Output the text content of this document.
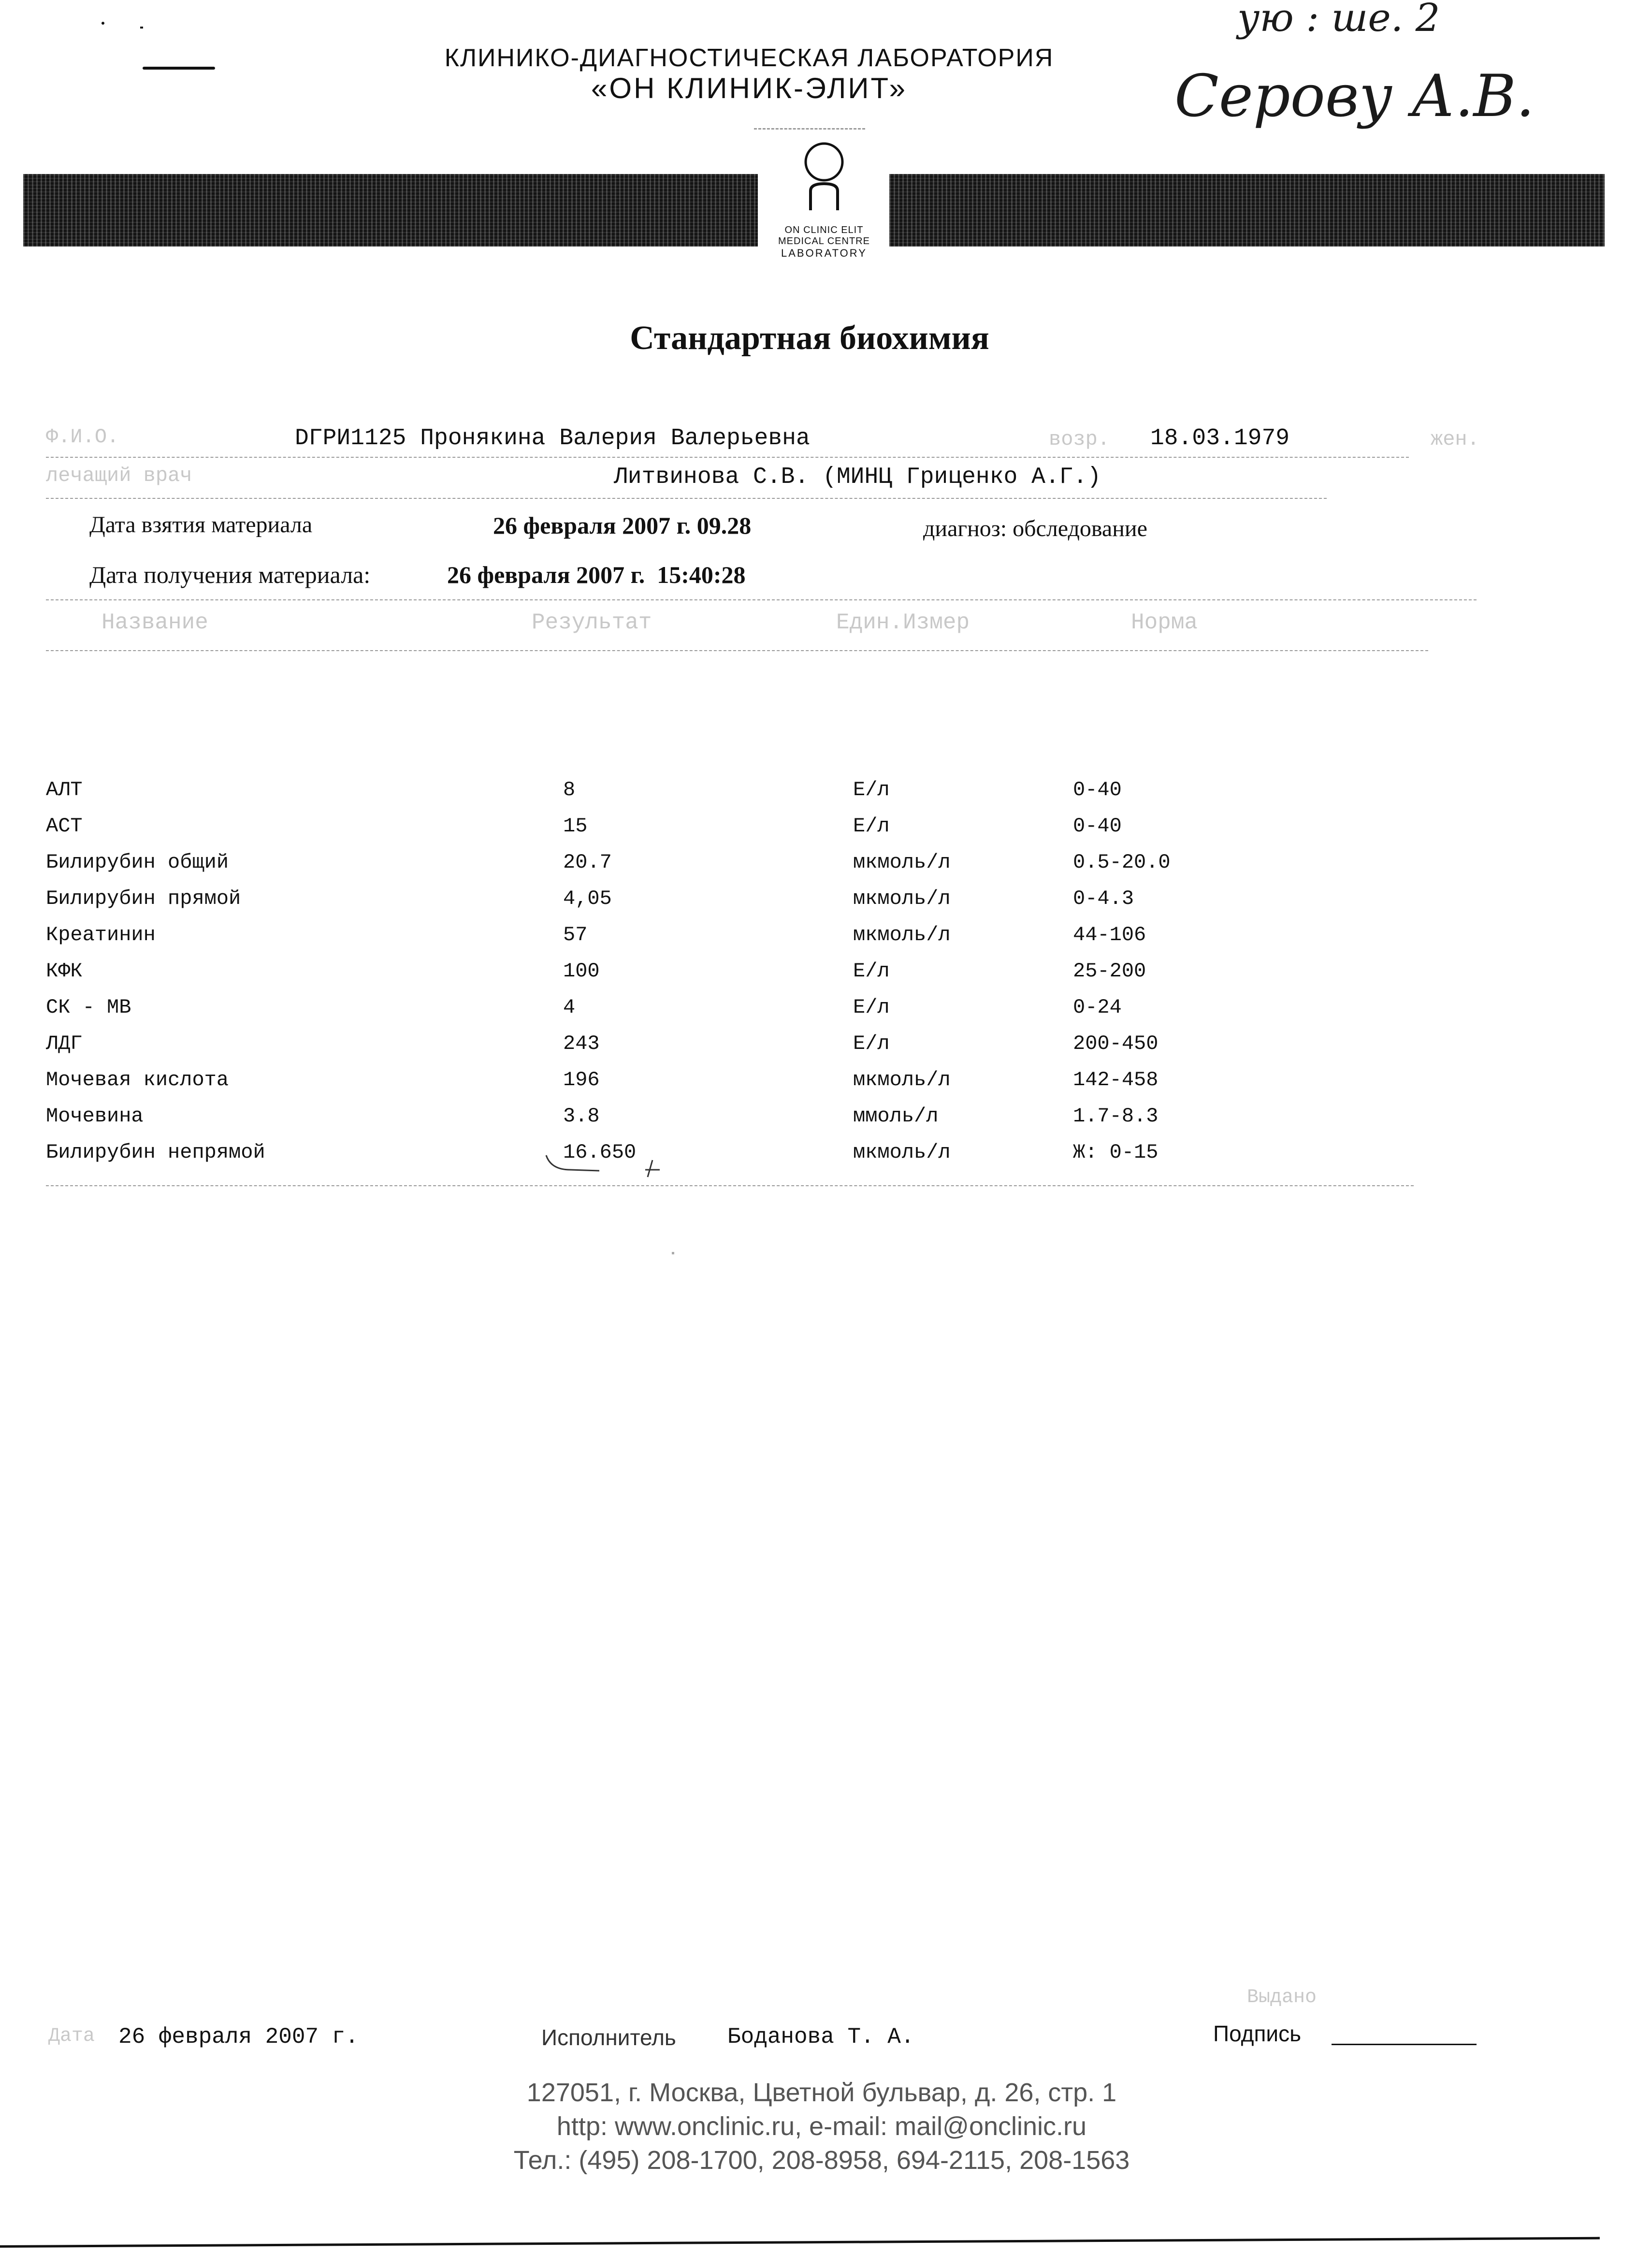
ую : ше. 2
Серову А.В.
КЛИНИКО-ДИАГНОСТИЧЕСКАЯ ЛАБОРАТОРИЯ
«ОН КЛИНИК-ЭЛИТ»
ON CLINIC ELIT
MEDICAL CENTRE
LABORATORY
Стандартная биохимия
Ф.И.О.	DГРИ1125 Пронякина Валерия Валерьевна	возр. 18.03.1979	жен.
лечащий врач	Литвинова С.В. (МИНЦ Гриценко А.Г.)
Дата взятия материала	26 февраля 2007 г. 09.28	диагноз: обследование
Дата получения материала:	26 февраля 2007 г.  15:40:28
Название	Результат	Един.Измер	Норма
АЛТ	8	Е/л	0-40
АСТ	15	Е/л	0-40
Билирубин общий	20.7	мкмоль/л	0.5-20.0
Билирубин прямой	4,05	мкмоль/л	0-4.3
Креатинин	57	мкмоль/л	44-106
КФК	100	Е/л	25-200
СК - МВ	4	Е/л	0-24
ЛДГ	243	Е/л	200-450
Мочевая кислота	196	мкмоль/л	142-458
Мочевина	3.8	ммоль/л	1.7-8.3
Билирубин непрямой	16.650	мкмоль/л	Ж: 0-15
Выдано
Дата 26 февраля 2007 г.	Исполнитель Боданова Т. А.	Подпись
127051, г. Москва, Цветной бульвар, д. 26, стр. 1
http: www.onclinic.ru, e-mail: mail@onclinic.ru
Тел.: (495) 208-1700, 208-8958, 694-2115, 208-1563
